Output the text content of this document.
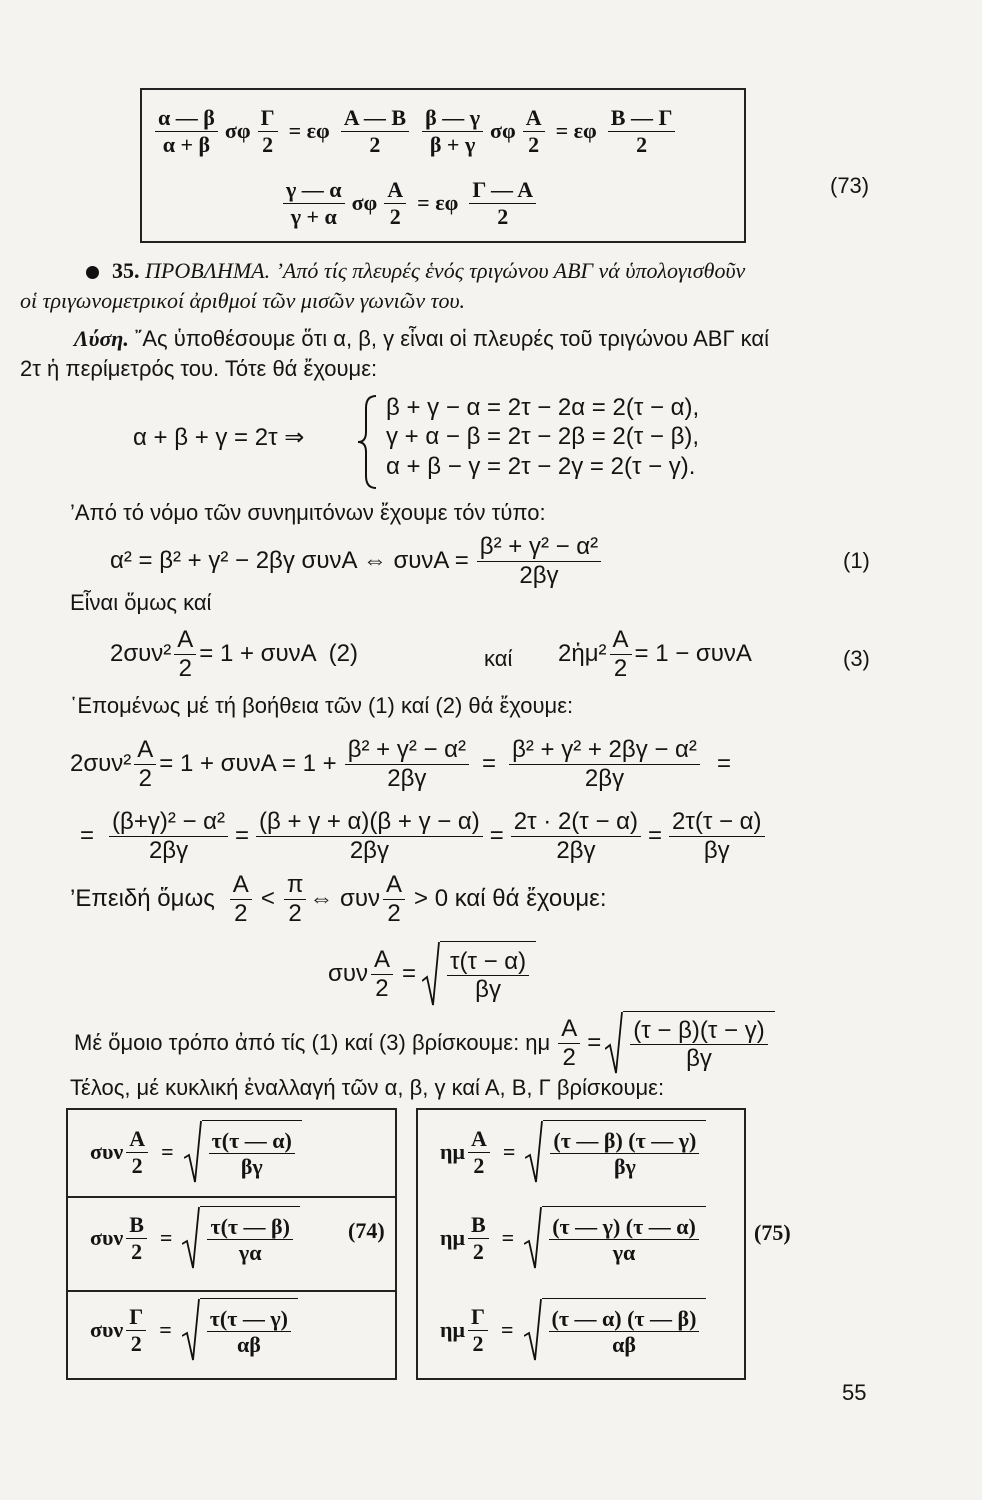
$\frac{\alpha — \beta}{\alpha + \beta}$ σφ $\frac{\Gamma}{2} = \varepsilon\varphi \frac{A — B}{2} \frac{\beta — \gamma}{\beta + \gamma}$ σφ $\frac{A}{2} = \varepsilon\varphi \frac{B — \Gamma}{2}$
$\frac{\gamma — \alpha}{\gamma + \alpha}$ σφ $\frac{A}{2} = \varepsilon\varphi \frac{\Gamma — A}{2}$	(73)
35. ΠΡΟΒΛΗΜΑ. ’Από τίς πλευρές ἑνός τριγώνου ΑΒΓ νά ὑπολογισθοῦν
οἱ τριγωνομετρικοί ἀριθμοί τῶν μισῶν γωνιῶν του.
Λύση. ῎Ας ὑποθέσουμε ὅτι α, β, γ εἶναι οἱ πλευρές τοῦ τριγώνου ΑΒΓ καί
2τ ἡ περίμετρός του. Τότε θά ἔχουμε:
α + β + γ = 2τ ⇒
β + γ − α = 2τ − 2α = 2(τ − α),
γ + α − β = 2τ − 2β = 2(τ − β),
α + β − γ = 2τ − 2γ = 2(τ − γ).
’Από τό νόμο τῶν συνημιτόνων ἔχουμε τόν τύπο:
α² = β² + γ² − 2βγ συνΑ ⇔ $\sigma\upsilon\nu A = \frac{\text{β² + γ² − α²}}{2\beta\gamma}$	(1)
Εἶναι ὅμως καί
$2\sigma\upsilon\nu^2 \frac{A}{2} = 1 + \sigma\upsilon\nu A$  (2)	καί 2ἡμ² $\frac{A}{2} = 1 - \sigma\upsilon\nu A$	(3)
῾Επομένως μέ τή βοήθεια τῶν (1) καί (2) θά ἔχουμε:
$2\sigma\upsilon\nu^2 \frac{A}{2} = 1 + \sigma\upsilon\nu A = 1 + \frac{\text{β² + γ² − α²}}{2\beta\gamma} = \frac{\text{β² + γ² + 2βγ − α²}}{2\beta\gamma}$ =
= $\frac{\text{(β+γ)² − α²}}{2\beta\gamma} = \frac{(\beta + \gamma + \alpha)(\beta + \gamma - \alpha)}{2\beta\gamma} = \frac{2\tau \cdot 2(\tau - \alpha)}{2\beta\gamma} = \frac{2\tau(\tau - \alpha)}{\beta\gamma}$
’Επειδή ὅμως $\frac{A}{2} < \frac{\pi}{2}$ ⇔ συν $\frac{A}{2} > 0$ καί θά ἔχουμε:
συν $\frac{A}{2} = \frac{\tau(\tau - \alpha)}{\beta\gamma}$
Μέ ὅμοιο τρόπο ἀπό τίς (1) καί (3) βρίσκουμε: ημ $\frac{A}{2} = \frac{(\tau - \beta)(\tau - \gamma)}{\beta\gamma}$
Τέλος, μέ κυκλική ἐναλλαγή τῶν α, β, γ καί Α, Β, Γ βρίσκουμε:
συν $\frac{A}{2} = \frac{\tau(\tau — \alpha)}{\beta\gamma}$
συν $\frac{B}{2} = \frac{\tau(\tau — \beta)}{\gamma\alpha}$
συν $\frac{\Gamma}{2} = \frac{\tau(\tau — \gamma)}{\alpha\beta}$
(74)
ημ $\frac{A}{2} = \frac{(\tau — \beta) (\tau — \gamma)}{\beta\gamma}$
ημ $\frac{B}{2} = \frac{(\tau — \gamma) (\tau — \alpha)}{\gamma\alpha}$
ημ $\frac{\Gamma}{2} = \frac{(\tau — \alpha) (\tau — \beta)}{\alpha\beta}$
(75)
55
